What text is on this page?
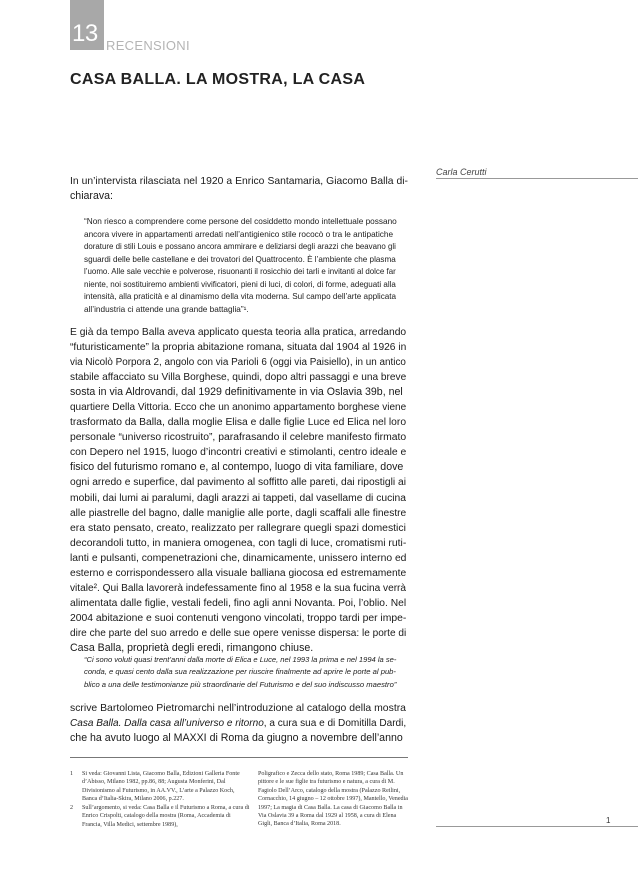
13 RECENSIONI
CASA BALLA. LA MOSTRA, LA CASA
Carla Cerutti
In un’intervista rilasciata nel 1920 a Enrico Santamaria, Giacomo Balla di-
chiarava:
“Non riesco a comprendere come persone del cosiddetto mondo intellettuale possano
ancora vivere in appartamenti arredati nell’antigienico stile rococò o tra le antipatiche
dorature di stili Louis e possano ancora ammirare e deliziarsi degli arazzi che beavano gli
sguardi delle belle castellane e dei trovatori del Quattrocento. È l’ambiente che plasma
l’uomo. Alle sale vecchie e polverose, risuonanti il rosicchio dei tarli e invitanti al dolce far
niente, noi sostituiremo ambienti vivificatori, pieni di luci, di colori, di forme, adeguati alla
intensità, alla praticità e al dinamismo della vita moderna. Sul campo dell’arte applicata
all’industria ci attende una grande battaglia”¹.
E già da tempo Balla aveva applicato questa teoria alla pratica, arredando
“futuristicamente” la propria abitazione romana, situata dal 1904 al 1926 in
via Nicolò Porpora 2, angolo con via Parioli 6 (oggi via Paisiello), in un antico
stabile affacciato su Villa Borghese, quindi, dopo altri passaggi e una breve
sosta in via Aldrovandi, dal 1929 definitivamente in via Oslavia 39b, nel
quartiere Della Vittoria. Ecco che un anonimo appartamento borghese viene
trasformato da Balla, dalla moglie Elisa e dalle figlie Luce ed Elica nel loro
personale “universo ricostruito”, parafrasando il celebre manifesto firmato
con Depero nel 1915, luogo d’incontri creativi e stimolanti, centro ideale e
fisico del futurismo romano e, al contempo, luogo di vita familiare, dove
ogni arredo e superfice, dal pavimento al soffitto alle pareti, dai ripostigli ai
mobili, dai lumi ai paralumi, dagli arazzi ai tappeti, dal vasellame di cucina
alle piastrelle del bagno, dalle maniglie alle porte, dagli scaffali alle finestre
era stato pensato, creato, realizzato per rallegrare quegli spazi domestici
decorandoli tutto, in maniera omogenea, con tagli di luce, cromatismi ruti-
lanti e pulsanti, compenetrazioni che, dinamicamente, unissero interno ed
esterno e corrispondessero alla visuale balliana giocosa ed estremamente
vitale². Qui Balla lavorerà indefessamente fino al 1958 e la sua fucina verrà
alimentata dalle figlie, vestali fedeli, fino agli anni Novanta. Poi, l’oblio. Nel
2004 abitazione e suoi contenuti vengono vincolati, troppo tardi per impe-
dire che parte del suo arredo e delle sue opere venisse dispersa: le porte di
Casa Balla, proprietà degli eredi, rimangono chiuse.
“Ci sono voluti quasi trent’anni dalla morte di Elica e Luce, nel 1993 la prima e nel 1994 la se-
conda, e quasi cento dalla sua realizzazione per riuscire finalmente ad aprire le porte al pub-
blico a una delle testimonianze più straordinarie del Futurismo e del suo indiscusso maestro”
scrive Bartolomeo Pietromarchi nell’introduzione al catalogo della mostra
Casa Balla. Dalla casa all’universo e ritorno, a cura sua e di Domitilla Dardi,
che ha avuto luogo al MAXXI di Roma da giugno a novembre dell’anno
1 Si veda: Giovanni Lista, Giacomo Balla, Edizioni Galleria Fonte d’Abisso, Milano 1982, pp.86, 88; Augusta Monferini, Dal Divisionismo al Futurismo, in AA.VV., L’arte a Palazzo Koch, Banca d’Italia-Skira, Milano 2006, p.227.
2 Sull’argomento, si veda: Casa Balla e il Futurismo a Roma, a cura di Enrico Crispolti, catalogo della mostra (Roma, Accademia di Francia, Villa Medici, settembre 1989),
Poligrafico e Zecca dello stato, Roma 1989; Casa Balla. Un pittore e le sue figlie tra futurismo e natura, a cura di M. Fagiolo Dell’Arco, catalogo della mostra (Palazzo Reilini, Cornacchio, 14 giugno – 12 ottobre 1997), Mantello, Venedia 1997; La magia di Casa Balla. La casa di Giacomo Balla in Via Oslavia 39 a Roma dal 1929 al 1958, a cura di Elena Gigli, Banca d’Italia, Roma 2018.	1
